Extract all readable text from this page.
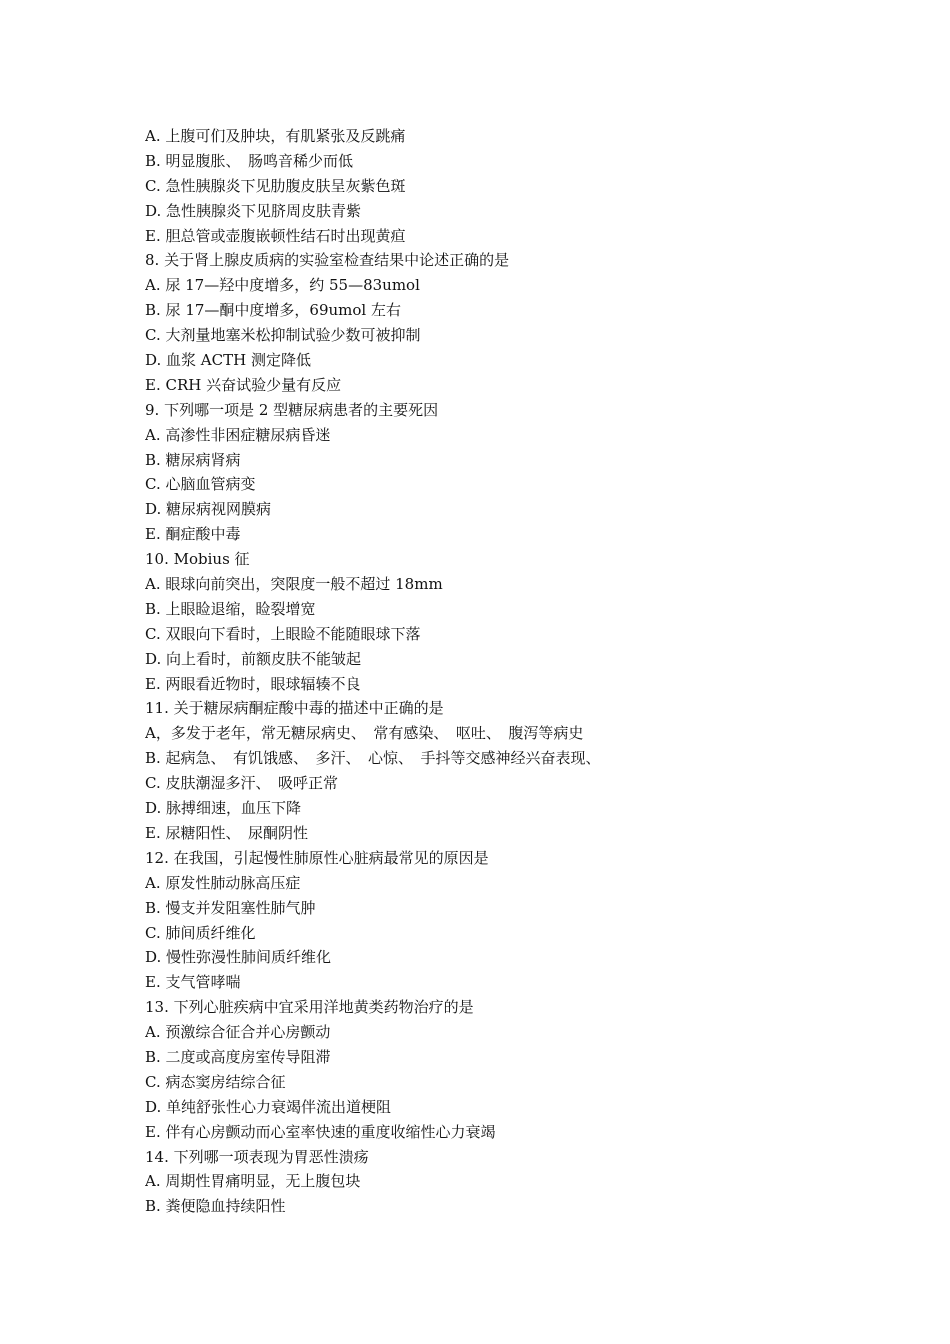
A. 上腹可们及肿块，有肌紧张及反跳痛
B. 明显腹胀、　肠鸣音稀少而低
C. 急性胰腺炎下见肋腹皮肤呈灰紫色斑
D. 急性胰腺炎下见脐周皮肤青紫
E. 胆总管或壶腹嵌顿性结石时出现黄疸
8. 关于肾上腺皮质病的实验室检查结果中论述正确的是
A. 尿 17—羟中度增多，约 55—83umol
B. 尿 17—酮中度增多，69umol 左右
C. 大剂量地塞米松抑制试验少数可被抑制
D. 血浆 ACTH 测定降低
E. CRH 兴奋试验少量有反应
9. 下列哪一项是 2 型糖尿病患者的主要死因
A. 高渗性非困症糖尿病昏迷
B. 糖尿病肾病
C. 心脑血管病变
D. 糖尿病视网膜病
E. 酮症酸中毒
10. Mobius 征
A. 眼球向前突出，突限度一般不超过 18mm
B. 上眼睑退缩，睑裂增宽
C. 双眼向下看时，上眼睑不能随眼球下落
D. 向上看时，前额皮肤不能皱起
E. 两眼看近物时，眼球辐辏不良
11. 关于糖尿病酮症酸中毒的描述中正确的是
A，多发于老年，常无糖尿病史、　常有感染、　呕吐、　腹泻等病史
B. 起病急、　有饥饿感、　多汗、　心惊、　手抖等交感神经兴奋表现、
C. 皮肤潮湿多汗、　吸呼正常
D. 脉搏细速，血压下降
E. 尿糖阳性、　尿酮阴性
12. 在我国，引起慢性肺原性心脏病最常见的原因是
A. 原发性肺动脉高压症
B. 慢支并发阻塞性肺气肿
C. 肺间质纤维化
D. 慢性弥漫性肺间质纤维化
E. 支气管哮喘
13. 下列心脏疾病中宜采用洋地黄类药物治疗的是
A. 预激综合征合并心房颤动
B. 二度或高度房室传导阻滞
C. 病态窦房结综合征
D. 单纯舒张性心力衰竭伴流出道梗阻
E. 伴有心房颤动而心室率快速的重度收缩性心力衰竭
14. 下列哪一项表现为胃恶性溃疡
A. 周期性胃痛明显，无上腹包块
B. 粪便隐血持续阳性
